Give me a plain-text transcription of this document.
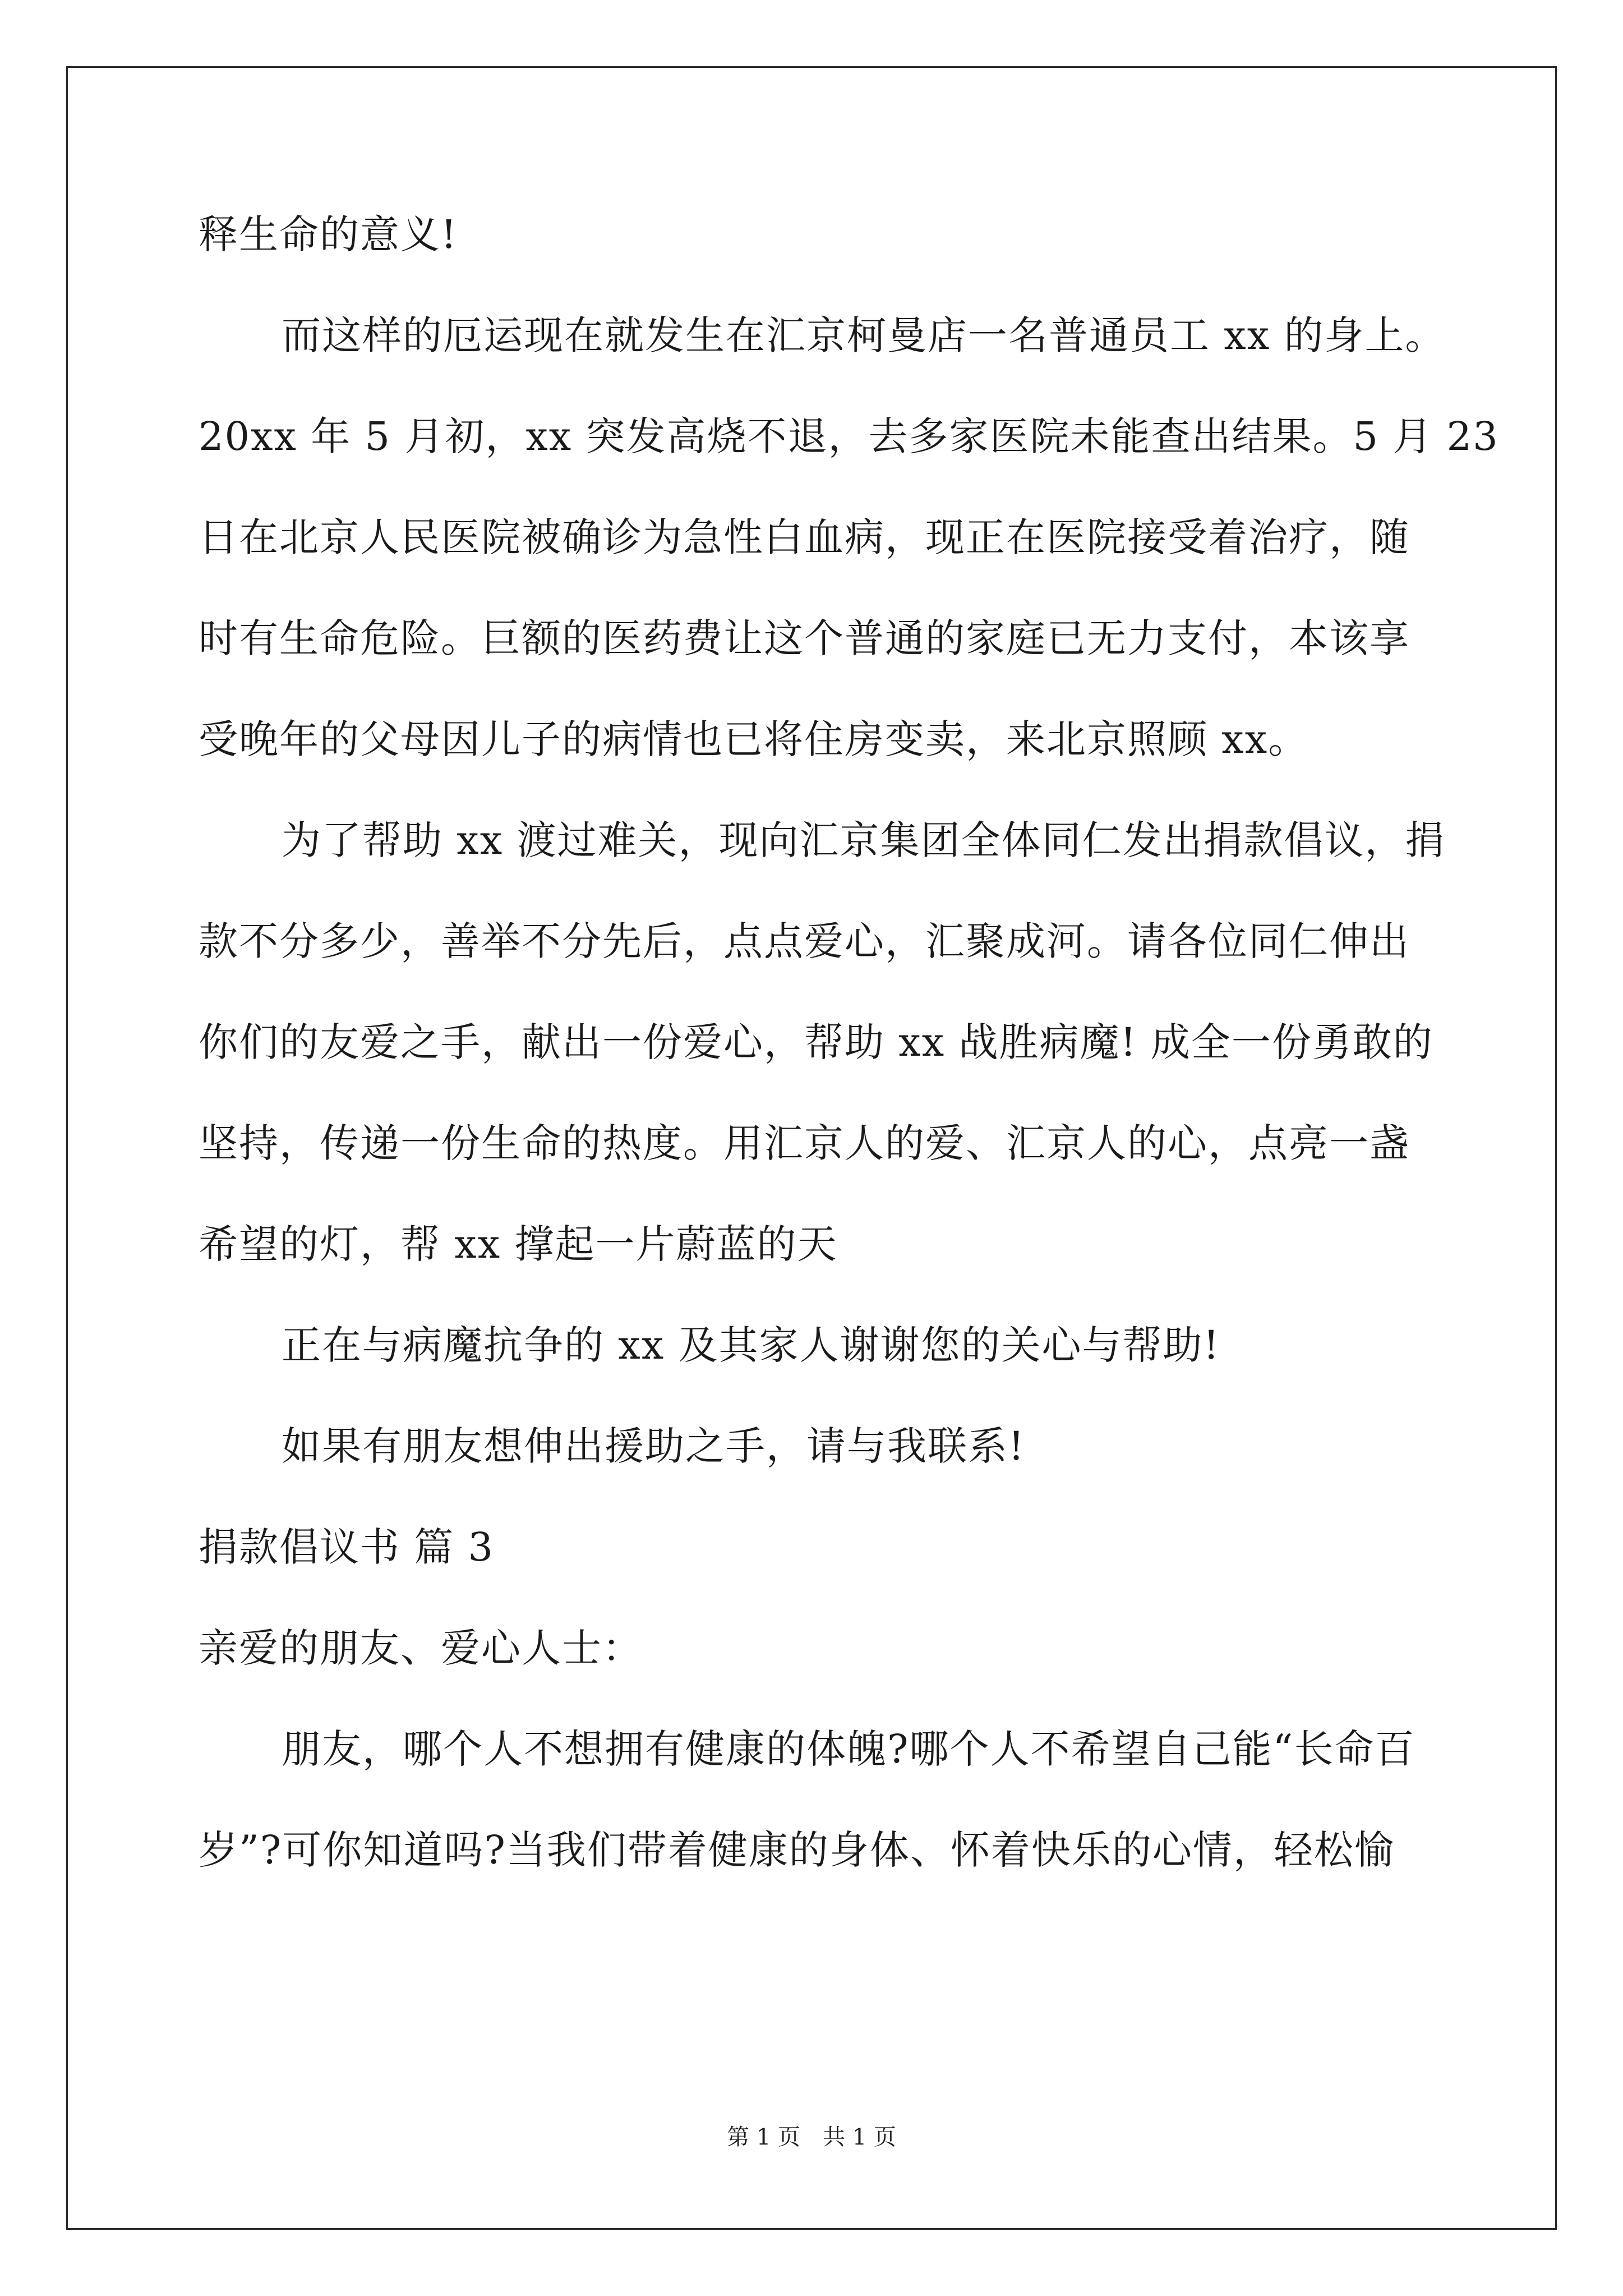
释生命的意义!
而这样的厄运现在就发生在汇京柯曼店一名普通员工 xx 的身上。
20xx 年 5 月初，xx 突发高烧不退，去多家医院未能查出结果。5 月 23
日在北京人民医院被确诊为急性白血病，现正在医院接受着治疗，随
时有生命危险。巨额的医药费让这个普通的家庭已无力支付，本该享
受晚年的父母因儿子的病情也已将住房变卖，来北京照顾 xx。
为了帮助 xx 渡过难关，现向汇京集团全体同仁发出捐款倡议，捐
款不分多少，善举不分先后，点点爱心，汇聚成河。请各位同仁伸出
你们的友爱之手，献出一份爱心，帮助 xx 战胜病魔! 成全一份勇敢的
坚持，传递一份生命的热度。用汇京人的爱、汇京人的心，点亮一盏
希望的灯，帮 xx 撑起一片蔚蓝的天
正在与病魔抗争的 xx 及其家人谢谢您的关心与帮助!
如果有朋友想伸出援助之手，请与我联系!
捐款倡议书 篇 3
亲爱的朋友、爱心人士：
朋友，哪个人不想拥有健康的体魄?哪个人不希望自己能“长命百
岁”?可你知道吗?当我们带着健康的身体、怀着快乐的心情，轻松愉
第 1 页　共 1 页
